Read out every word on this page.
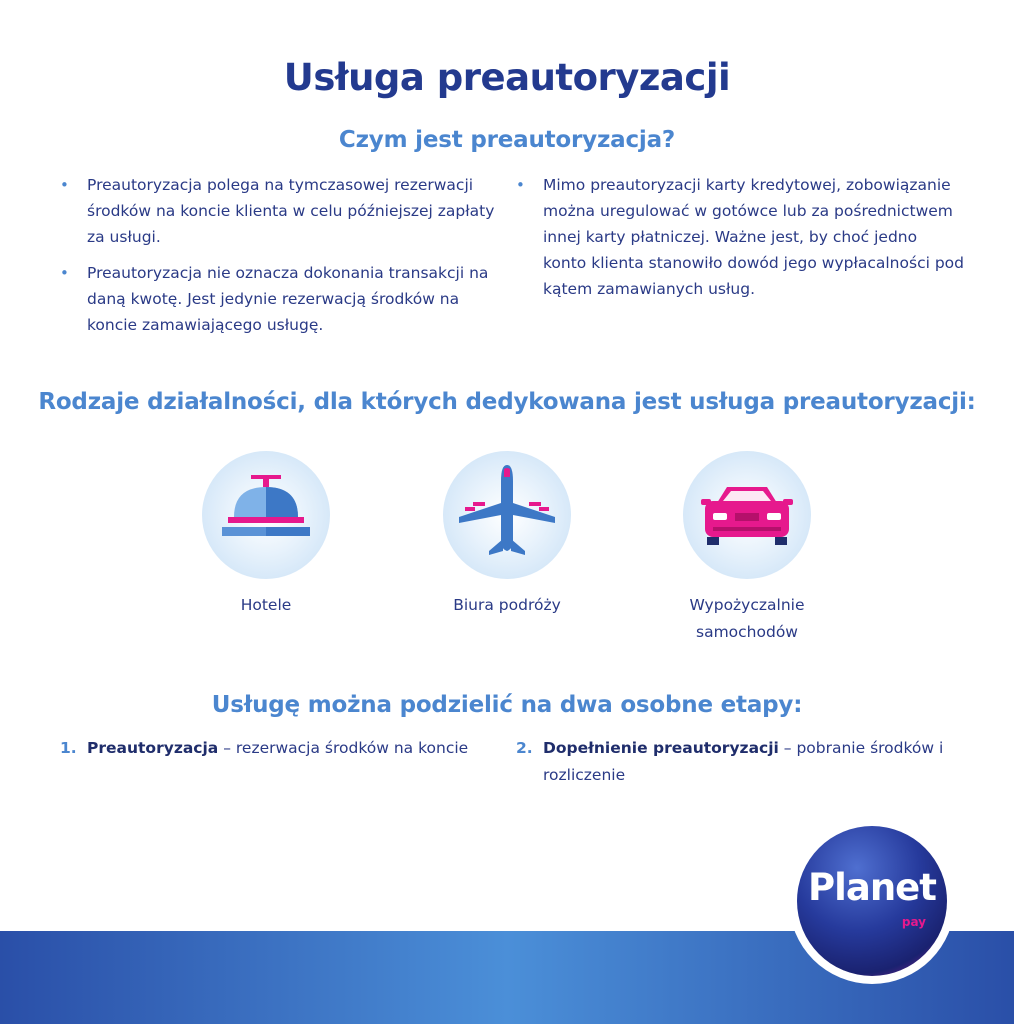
Usługa preautoryzacji
Czym jest preautoryzacja?
• Preautoryzacja polega na tymczasowej rezerwacji środków na koncie klienta w celu późniejszej zapłaty za usługi.
• Preautoryzacja nie oznacza dokonania transakcji na daną kwotę. Jest jedynie rezerwacją środków na koncie zamawiającego usługę.
• Mimo preautoryzacji karty kredytowej, zobowiązanie można uregulować w gotówce lub za pośrednictwem innej karty płatniczej. Ważne jest, by choć jedno konto klienta stanowiło dowód jego wypłacalności pod kątem zamawianych usług.
Rodzaje działalności, dla których dedykowana jest usługa preautoryzacji:
Hotele	Biura podróży	Wypożyczalnie samochodów
Usługę można podzielić na dwa osobne etapy:
1. Preautoryzacja – rezerwacja środków na koncie	2. Dopełnienie preautoryzacji – pobranie środków i rozliczenie
Planet
pay
